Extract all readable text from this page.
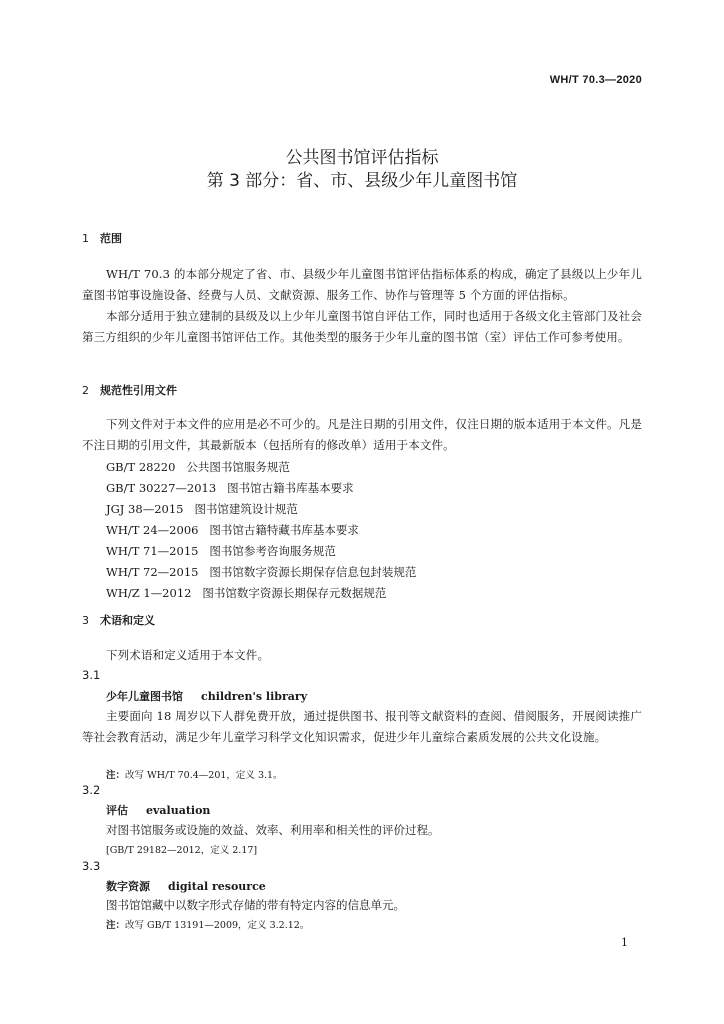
WH/T 70.3—2020
公共图书馆评估指标
第 3 部分：省、市、县级少年儿童图书馆
1 范围
WH/T 70.3 的本部分规定了省、市、县级少年儿童图书馆评估指标体系的构成，确定了县级以上少年儿童图书馆事设施设备、经费与人员、文献资源、服务工作、协作与管理等 5 个方面的评估指标。
本部分适用于独立建制的县级及以上少年儿童图书馆自评估工作，同时也适用于各级文化主管部门及社会第三方组织的少年儿童图书馆评估工作。其他类型的服务于少年儿童的图书馆（室）评估工作可参考使用。
2 规范性引用文件
下列文件对于本文件的应用是必不可少的。凡是注日期的引用文件，仅注日期的版本适用于本文件。凡是不注日期的引用文件，其最新版本（包括所有的修改单）适用于本文件。
GB/T 28220 公共图书馆服务规范
GB/T 30227—2013 图书馆古籍书库基本要求
JGJ 38—2015 图书馆建筑设计规范
WH/T 24—2006 图书馆古籍特藏书库基本要求
WH/T 71—2015 图书馆参考咨询服务规范
WH/T 72—2015 图书馆数字资源长期保存信息包封装规范
WH/Z 1—2012 图书馆数字资源长期保存元数据规范
3 术语和定义
下列术语和定义适用于本文件。
3.1
少年儿童图书馆 children's library
主要面向 18 周岁以下人群免费开放，通过提供图书、报刊等文献资料的查阅、借阅服务，开展阅读推广等社会教育活动，满足少年儿童学习科学文化知识需求，促进少年儿童综合素质发展的公共文化设施。
注：改写 WH/T 70.4—201，定义 3.1。
3.2
评估 evaluation
对图书馆服务或设施的效益、效率、利用率和相关性的评价过程。
[GB/T 29182—2012，定义 2.17]
3.3
数字资源 digital resource
图书馆馆藏中以数字形式存储的带有特定内容的信息单元。
注：改写 GB/T 13191—2009，定义 3.2.12。
1
